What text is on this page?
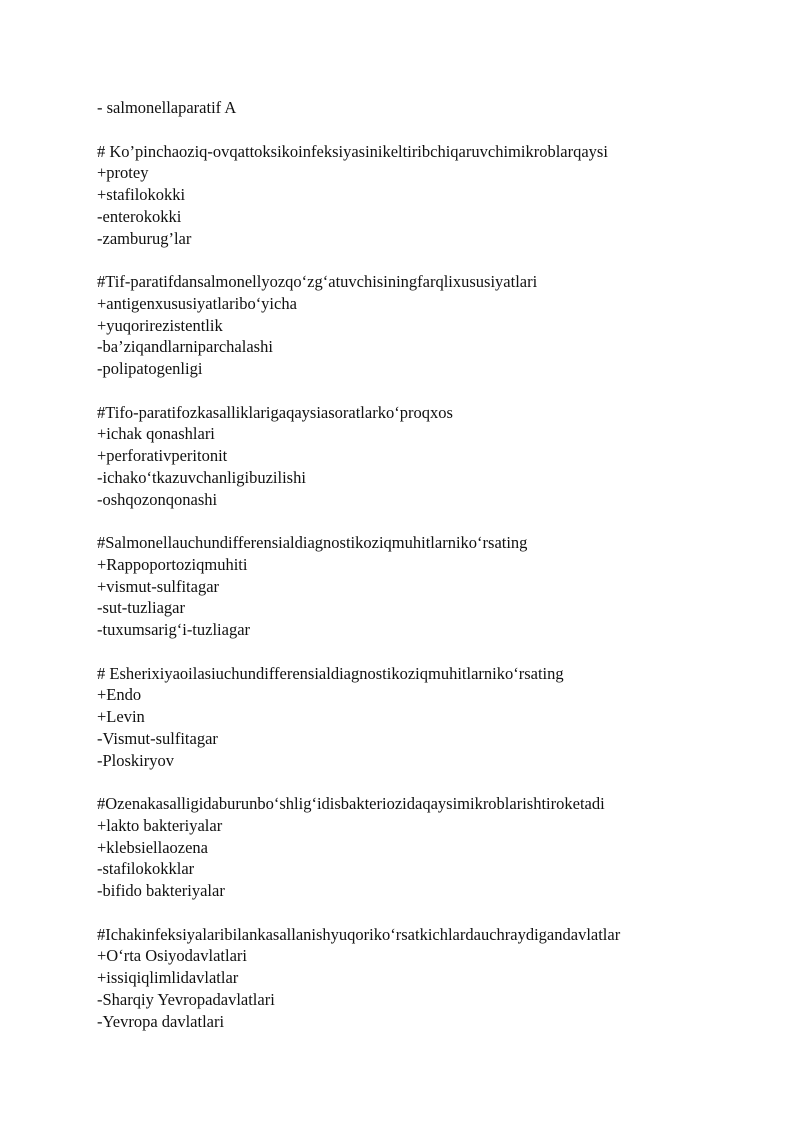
- salmonellaparatif A
# Ko’pinchaoziq-ovqattoksikoinfeksiyasinikeltiribchiqaruvchimikroblarqaysi
+protey
+stafilokokki
-enterokokki
-zamburug’lar
#Tif-paratifdansalmonellyozqo‘zg‘atuvchisiningfarqlixususiyatlari
+antigenxususiyatlaribo‘yicha
+yuqorirezistentlik
-ba’ziqandlarniparchalashi
-polipatogenligi
#Tifo-paratifozkasalliklarigaqaysiasoratlarko‘proqxos
+ichak qonashlari
+perforativperitonit
-ichako‘tkazuvchanligibuzilishi
-oshqozonqonashi
#Salmonellauchundifferensialdiagnostikoziqmuhitlarniko‘rsating
+Rappoportoziqmuhiti
+vismut-sulfitagar
-sut-tuzliagar
-tuxumsarig‘i-tuzliagar
# Esherixiyaoilasiuchundifferensialdiagnostikoziqmuhitlarniko‘rsating
+Endo
+Levin
-Vismut-sulfitagar
-Ploskiryov
#Ozenakasalligidaburunbo‘shlig‘idisbakteriozidaqaysimikroblarishtiroketadi
+lakto bakteriyalar
+klebsiellaozena
-stafilokokklar
-bifido bakteriyalar
#Ichakinfeksiyalaribilankasallanishyuqoriko‘rsatkichlardauchraydigandavlatlar
+O‘rta Osiyodavlatlari
+issiqiqlimlidavlatlar
-Sharqiy Yevropadavlatlari
-Yevropa davlatlari
